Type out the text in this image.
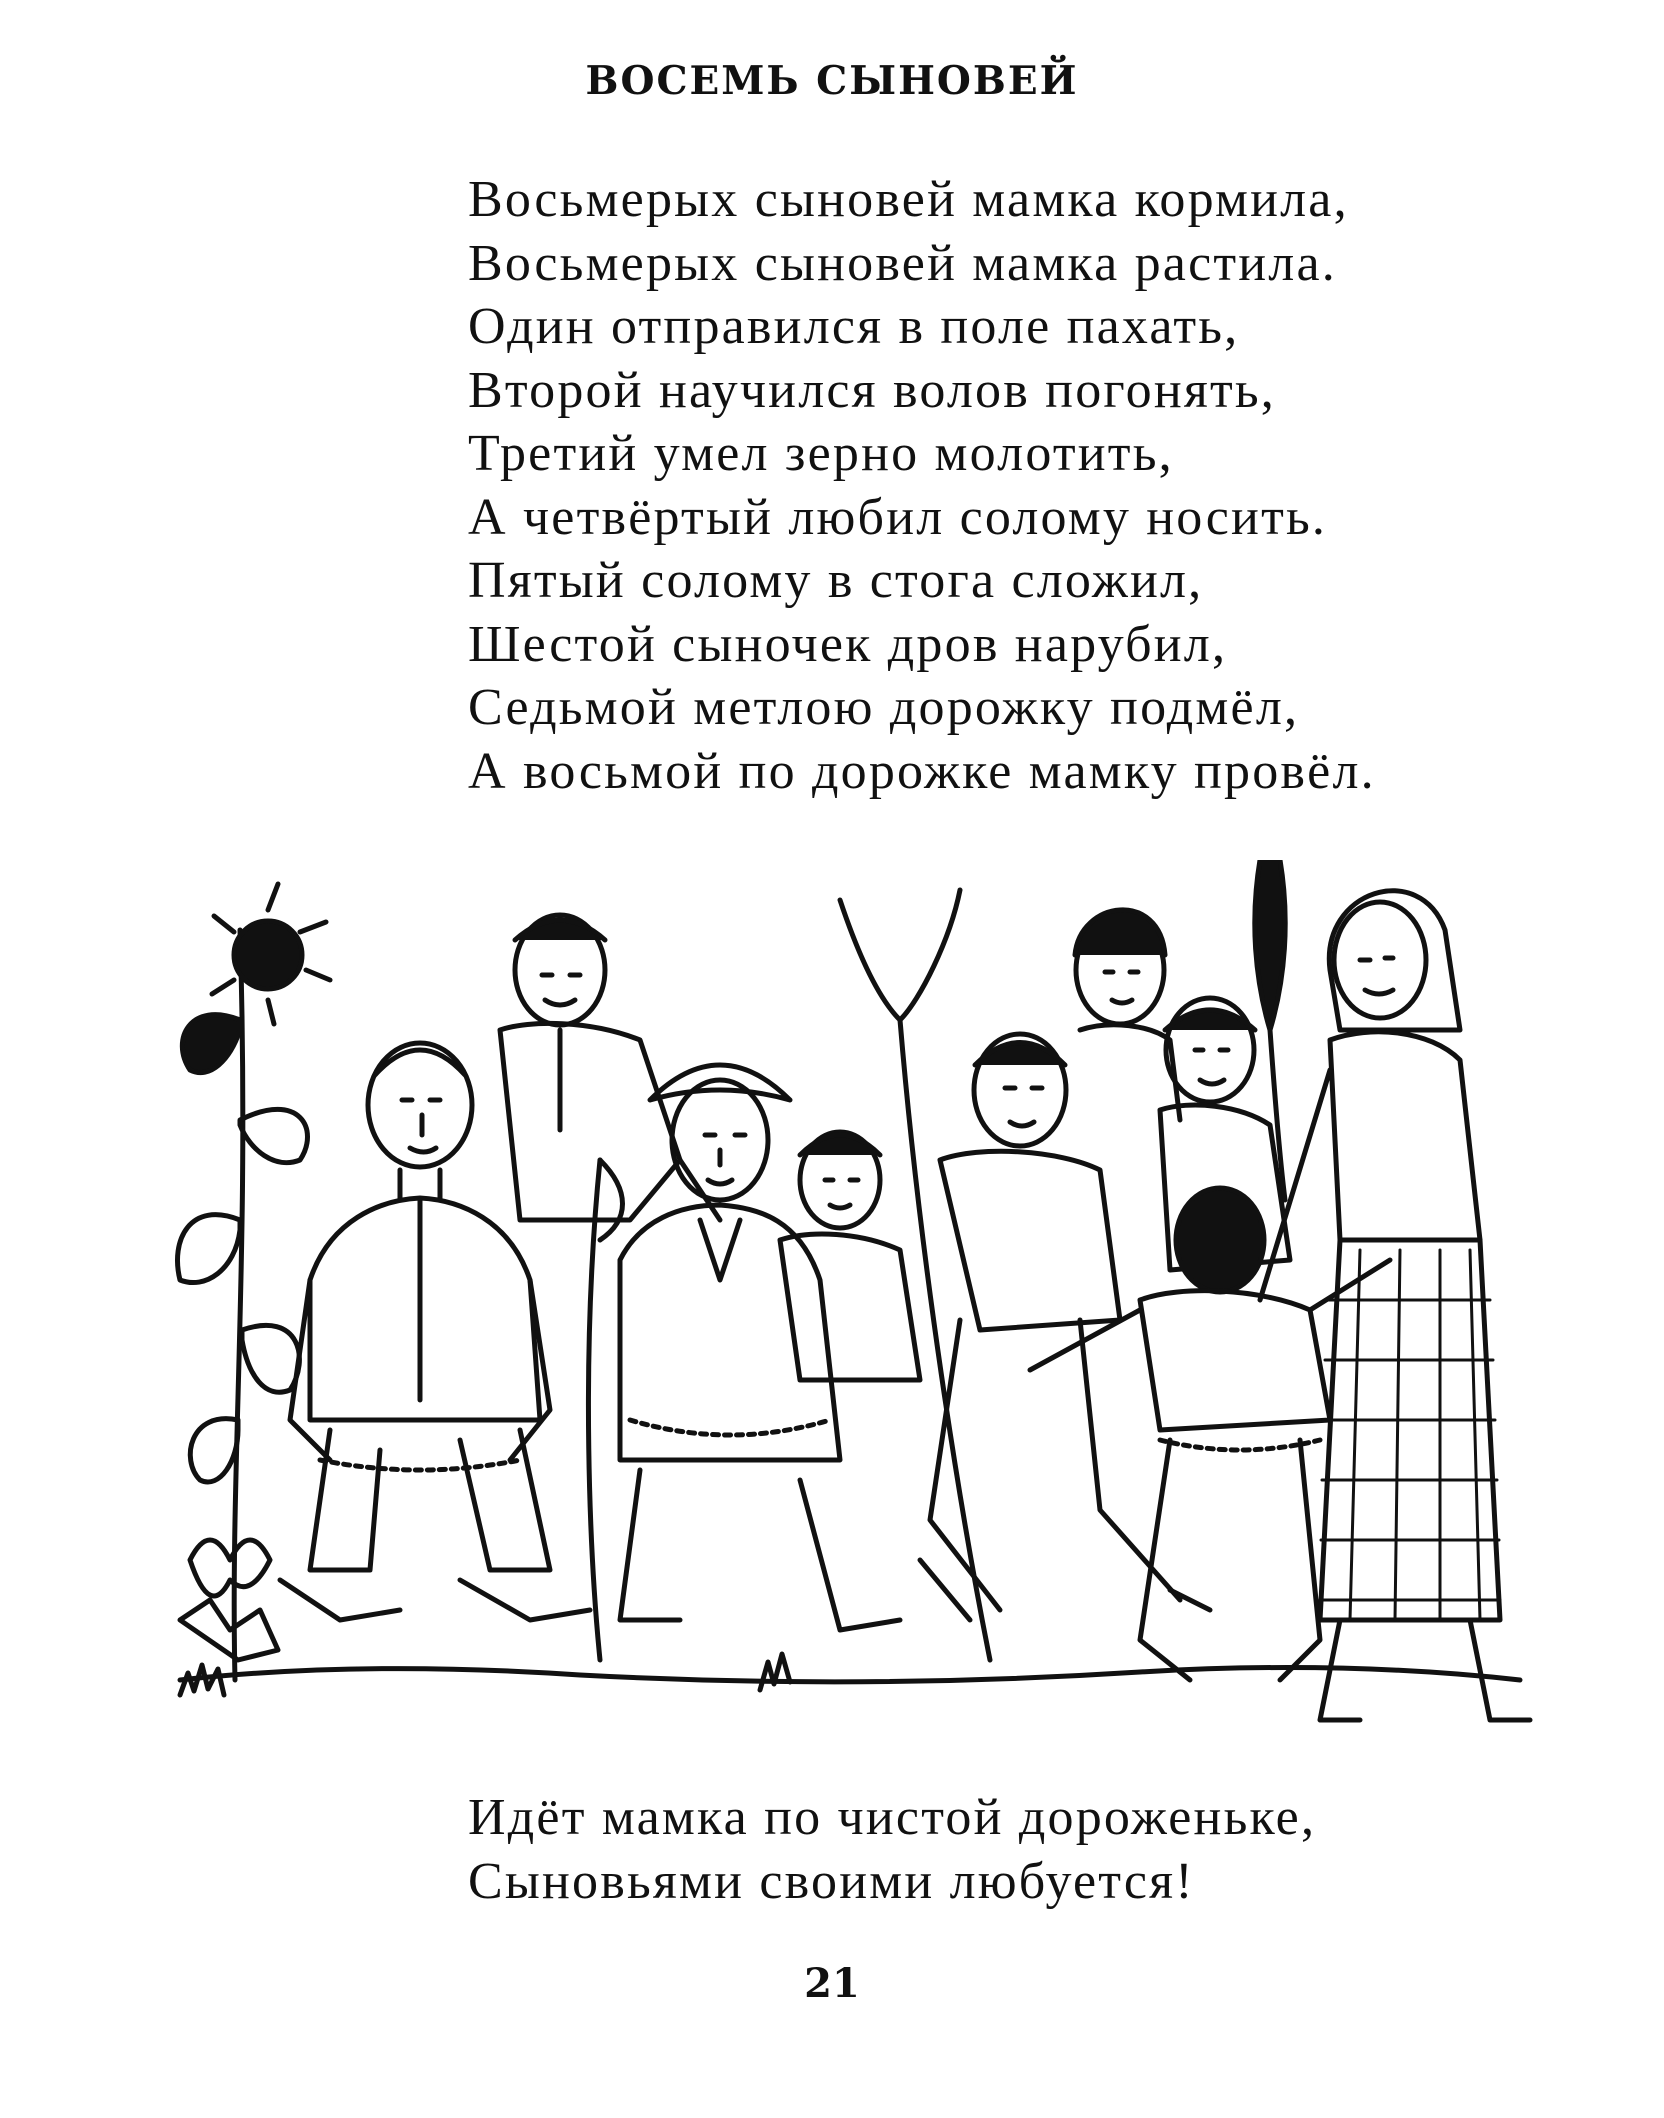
ВОСЕМЬ СЫНОВЕЙ
Восьмерых сыновей мамка кормила,
Восьмерых сыновей мамка растила.
Один отправился в поле пахать,
Второй научился волов погонять,
Третий умел зерно молотить,
А четвёртый любил солому носить.
Пятый солому в стога сложил,
Шестой сыночек дров нарубил,
Седьмой метлою дорожку подмёл,
А восьмой по дорожке мамку провёл.
Идёт мамка по чистой дороженьке,
Сыновьями своими любуется!
21
